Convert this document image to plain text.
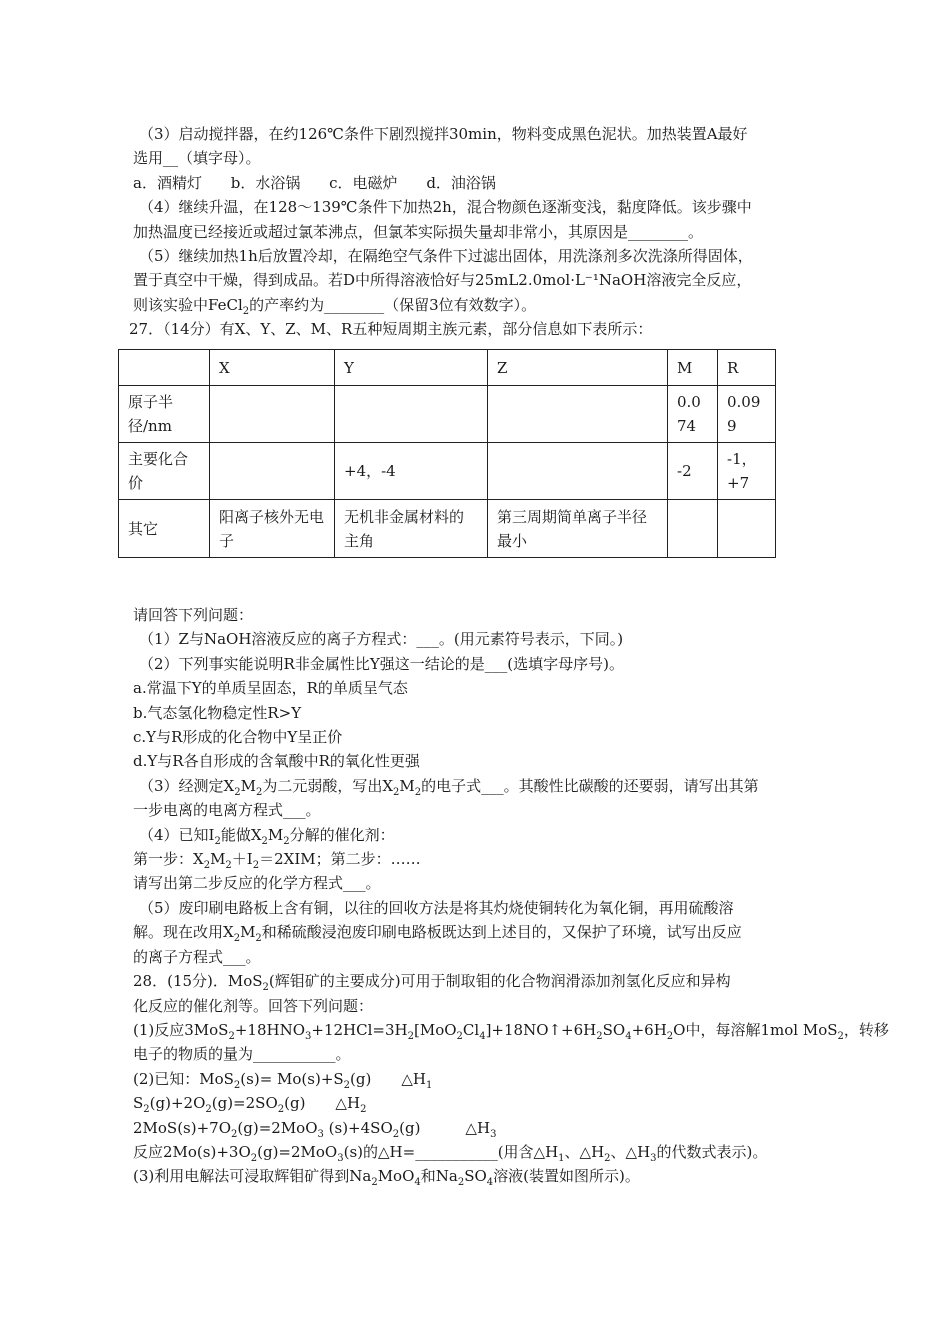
（3）启动搅拌器，在约126℃条件下剧烈搅拌30min，物料变成黑色泥状。加热装置A最好
选用__（填字母）。
a．酒精灯 b．水浴锅 c．电磁炉 d．油浴锅
（4）继续升温，在128～139℃条件下加热2h，混合物颜色逐渐变浅，黏度降低。该步骤中
加热温度已经接近或超过氯苯沸点，但氯苯实际损失量却非常小，其原因是________。
（5）继续加热1h后放置冷却，在隔绝空气条件下过滤出固体，用洗涤剂多次洗涤所得固体，
置于真空中干燥，得到成品。若D中所得溶液恰好与25mL2.0mol·L⁻¹NaOH溶液完全反应，
则该实验中FeCl$_2$的产率约为________（保留3位有效数字）。
27．（14分）有X、Y、Z、M、R五种短周期主族元素，部分信息如下表所示：
	X	Y	Z	M	R
原子半径/nm				0.074	0.099
主要化合价		+4，-4		-2	-1，+7
其它	阳离子核外无电子	无机非金属材料的主角	第三周期简单离子半径最小		
请回答下列问题：
（1）Z与NaOH溶液反应的离子方程式：___。(用元素符号表示，下同。)
（2）下列事实能说明R非金属性比Y强这一结论的是___(选填字母序号)。
a.常温下Y的单质呈固态，R的单质呈气态
b.气态氢化物稳定性R>Y
c.Y与R形成的化合物中Y呈正价
d.Y与R各自形成的含氧酸中R的氧化性更强
（3）经测定$X_2M_2$为二元弱酸，写出$X_2M_2$的电子式___。其酸性比碳酸的还要弱，请写出其第
一步电离的电离方程式___。
（4）已知$I_2$能做$X_2M_2$分解的催化剂：
第一步：$X_2M_2+I_2=2XIM$；第二步：……
请写出第二步反应的化学方程式___。
（5）废印刷电路板上含有铜，以往的回收方法是将其灼烧使铜转化为氧化铜，再用硫酸溶
解。现在改用$X_2M_2$和稀硫酸浸泡废印刷电路板既达到上述目的，又保护了环境，试写出反应
的离子方程式___。
28．(15分)．MoS$_2$(辉钼矿的主要成分)可用于制取钼的化合物润滑添加剂氢化反应和异构
化反应的催化剂等。回答下列问题：
(1)反应$3MoS_2+18HNO_3+12HCl=3H_2[MoO_2Cl_4]+18NO↑+6H_2SO_4+6H_2O$中，每溶解1mol MoS$_2$，转移
电子的物质的量为___________。
(2)已知：$MoS_2(s)= Mo(s)+S_2(g)$　　$\triangle H_1$
$S_2(g)+2O_2(g)=2SO_2(g)$　　$\triangle H_2$
$2MoS(s)+7O_2(g)=2MoO_3$ $(s)+4SO_2(g)$　　　$\triangle H_3$
反应$2Mo(s)+3O_2(g)=2MoO_3(s)$的△H=___________(用含$\triangle H_1$、$\triangle H_2$、$\triangle H_3$的代数式表示)。
(3)利用电解法可浸取辉钼矿得到$Na_2MoO_4$和$Na_2SO_4$溶液(装置如图所示)。
